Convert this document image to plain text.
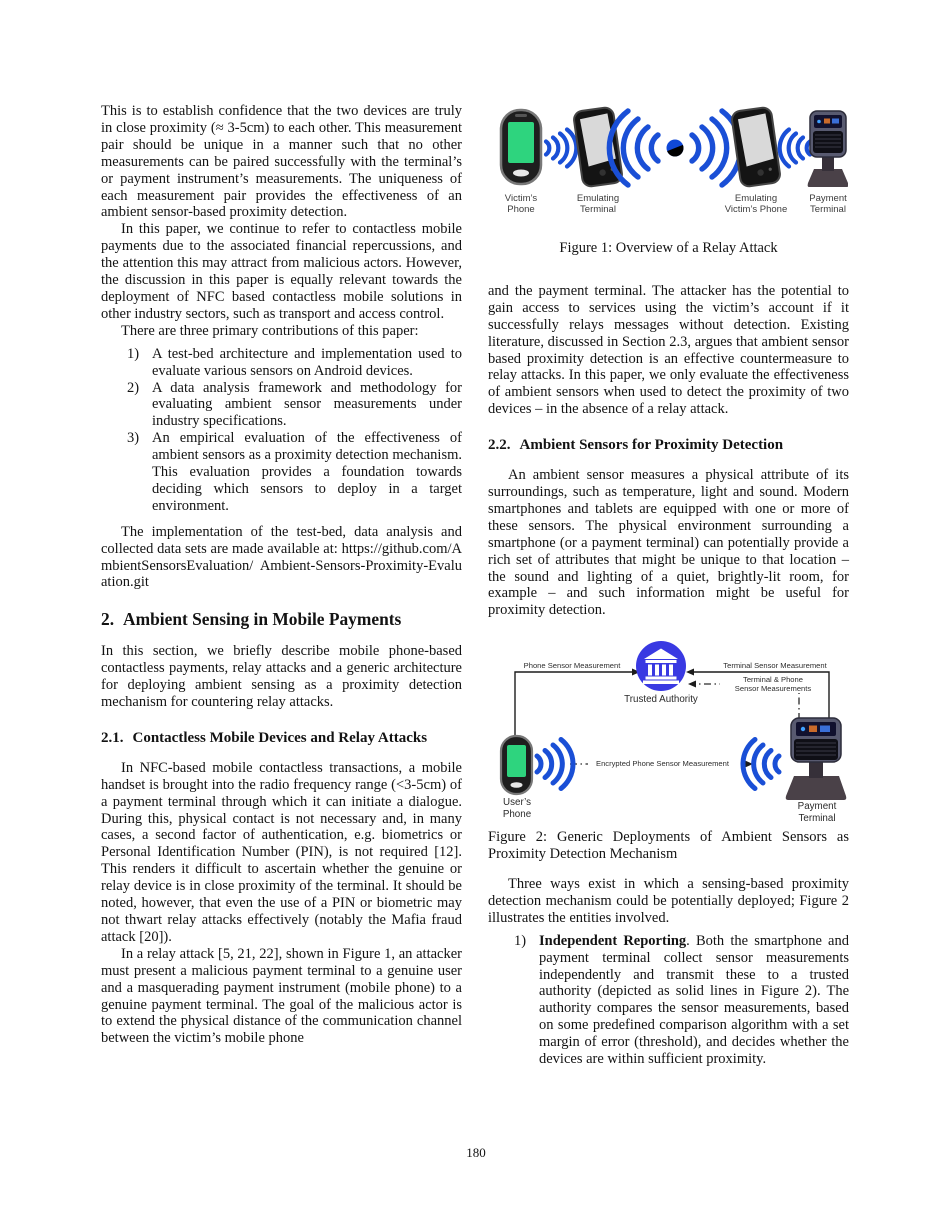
This is to establish confidence that the two devices are truly in close proximity (≈ 3-5cm) to each other. This measurement pair should be unique in a manner such that no other measurements can be paired successfully with the terminal’s or payment instrument’s measurements. The uniqueness of each measurement pair provides the effectiveness of an ambient sensor-based proximity detection.

In this paper, we continue to refer to contactless mobile payments due to the associated financial repercussions, and the attention this may attract from malicious actors. However, the discussion in this paper is equally relevant towards the deployment of NFC based contactless mobile solutions in other industry sectors, such as transport and access control.

There are three primary contributions of this paper:

1) A test-bed architecture and implementation used to evaluate various sensors on Android devices.
2) A data analysis framework and methodology for evaluating ambient sensor measurements under industry specifications.
3) An empirical evaluation of the effectiveness of ambient sensors as a proximity detection mechanism. This evaluation provides a foundation towards deciding which sensors to deploy in a target environment.

The implementation of the test-bed, data analysis and collected data sets are made available at: https://github.com/AmbientSensorsEvaluation/ Ambient-Sensors-Proximity-Evaluation.git

2. Ambient Sensing in Mobile Payments

In this section, we briefly describe mobile phone-based contactless payments, relay attacks and a generic architecture for deploying ambient sensing as a proximity detection mechanism for countering relay attacks.

2.1. Contactless Mobile Devices and Relay Attacks

In NFC-based mobile contactless transactions, a mobile handset is brought into the radio frequency range (<3-5cm) of a payment terminal through which it can initiate a dialogue. During this, physical contact is not necessary and, in many cases, a second factor of authentication, e.g. biometrics or Personal Identification Number (PIN), is not required [12]. This renders it difficult to ascertain whether the genuine or relay device is in close proximity of the terminal. It should be noted, however, that even the use of a PIN or biometric may not thwart relay attacks effectively (notably the Mafia fraud attack [20]).

In a relay attack [5, 21, 22], shown in Figure 1, an attacker must present a malicious payment terminal to a genuine user and a masquerading payment instrument (mobile phone) to a genuine payment terminal. The goal of the malicious actor is to extend the physical distance of the communication channel between the victim’s mobile phone

Victim’s
Phone
Emulating
Terminal
Emulating
Victim’s Phone
Payment
Terminal
Figure 1: Overview of a Relay Attack

and the payment terminal. The attacker has the potential to gain access to services using the victim’s account if it successfully relays messages without detection. Existing literature, discussed in Section 2.3, argues that ambient sensor based proximity detection is an effective countermeasure to relay attacks. In this paper, we only evaluate the effectiveness of ambient sensors when used to detect the proximity of two devices – in the absence of a relay attack.

2.2. Ambient Sensors for Proximity Detection

An ambient sensor measures a physical attribute of its surroundings, such as temperature, light and sound. Modern smartphones and tablets are equipped with one or more of these sensors. The physical environment surrounding a smartphone (or a payment terminal) can potentially provide a rich set of attributes that might be unique to that location – the sound and lighting of a quiet, brightly-lit room, for example – and such information might be useful for proximity detection.

Phone Sensor Measurement	Terminal Sensor Measurement
Terminal & Phone
Sensor Measurements
Encrypted Phone Sensor Measurement
Trusted Authority
User’s
Phone
Payment
Terminal
Figure 2: Generic Deployments of Ambient Sensors as Proximity Detection Mechanism

Three ways exist in which a sensing-based proximity detection mechanism could be potentially deployed; Figure 2 illustrates the entities involved.

1) Independent Reporting. Both the smartphone and payment terminal collect sensor measurements independently and transmit these to a trusted authority (depicted as solid lines in Figure 2). The authority compares the sensor measurements, based on some predefined comparison algorithm with a set margin of error (threshold), and decides whether the devices are within sufficient proximity.
180
